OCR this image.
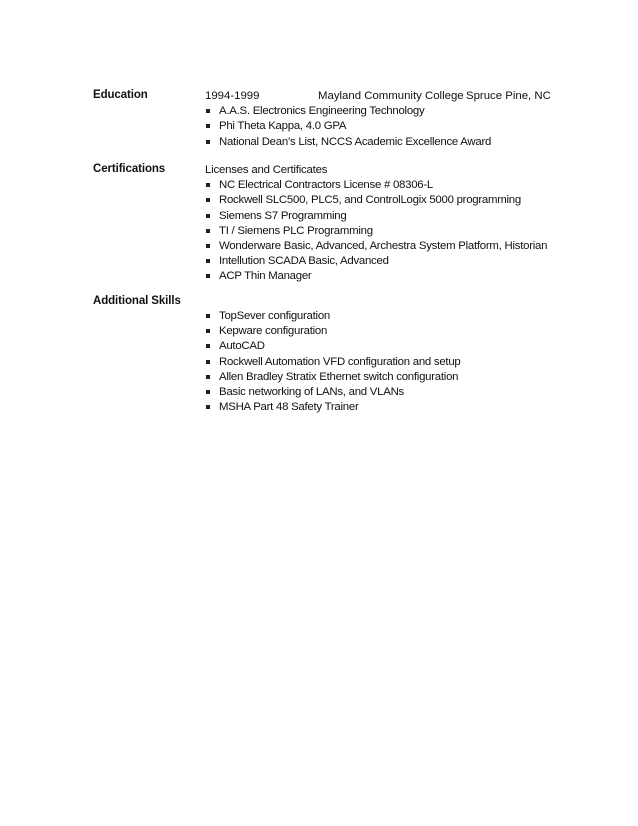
Education	1994-1999	Mayland Community College Spruce Pine, NC
A.A.S. Electronics Engineering Technology
Phi Theta Kappa, 4.0 GPA
National Dean’s List, NCCS Academic Excellence Award
Certifications	Licenses and Certificates
NC Electrical Contractors License # 08306-L
Rockwell SLC500, PLC5, and ControlLogix 5000 programming
Siemens S7 Programming
TI / Siemens PLC Programming
Wonderware Basic, Advanced, Archestra System Platform, Historian
Intellution SCADA Basic, Advanced
ACP Thin Manager
Additional Skills
TopSever configuration
Kepware configuration
AutoCAD
Rockwell Automation VFD configuration and setup
Allen Bradley Stratix Ethernet switch configuration
Basic networking of LANs, and VLANs
MSHA Part 48 Safety Trainer
